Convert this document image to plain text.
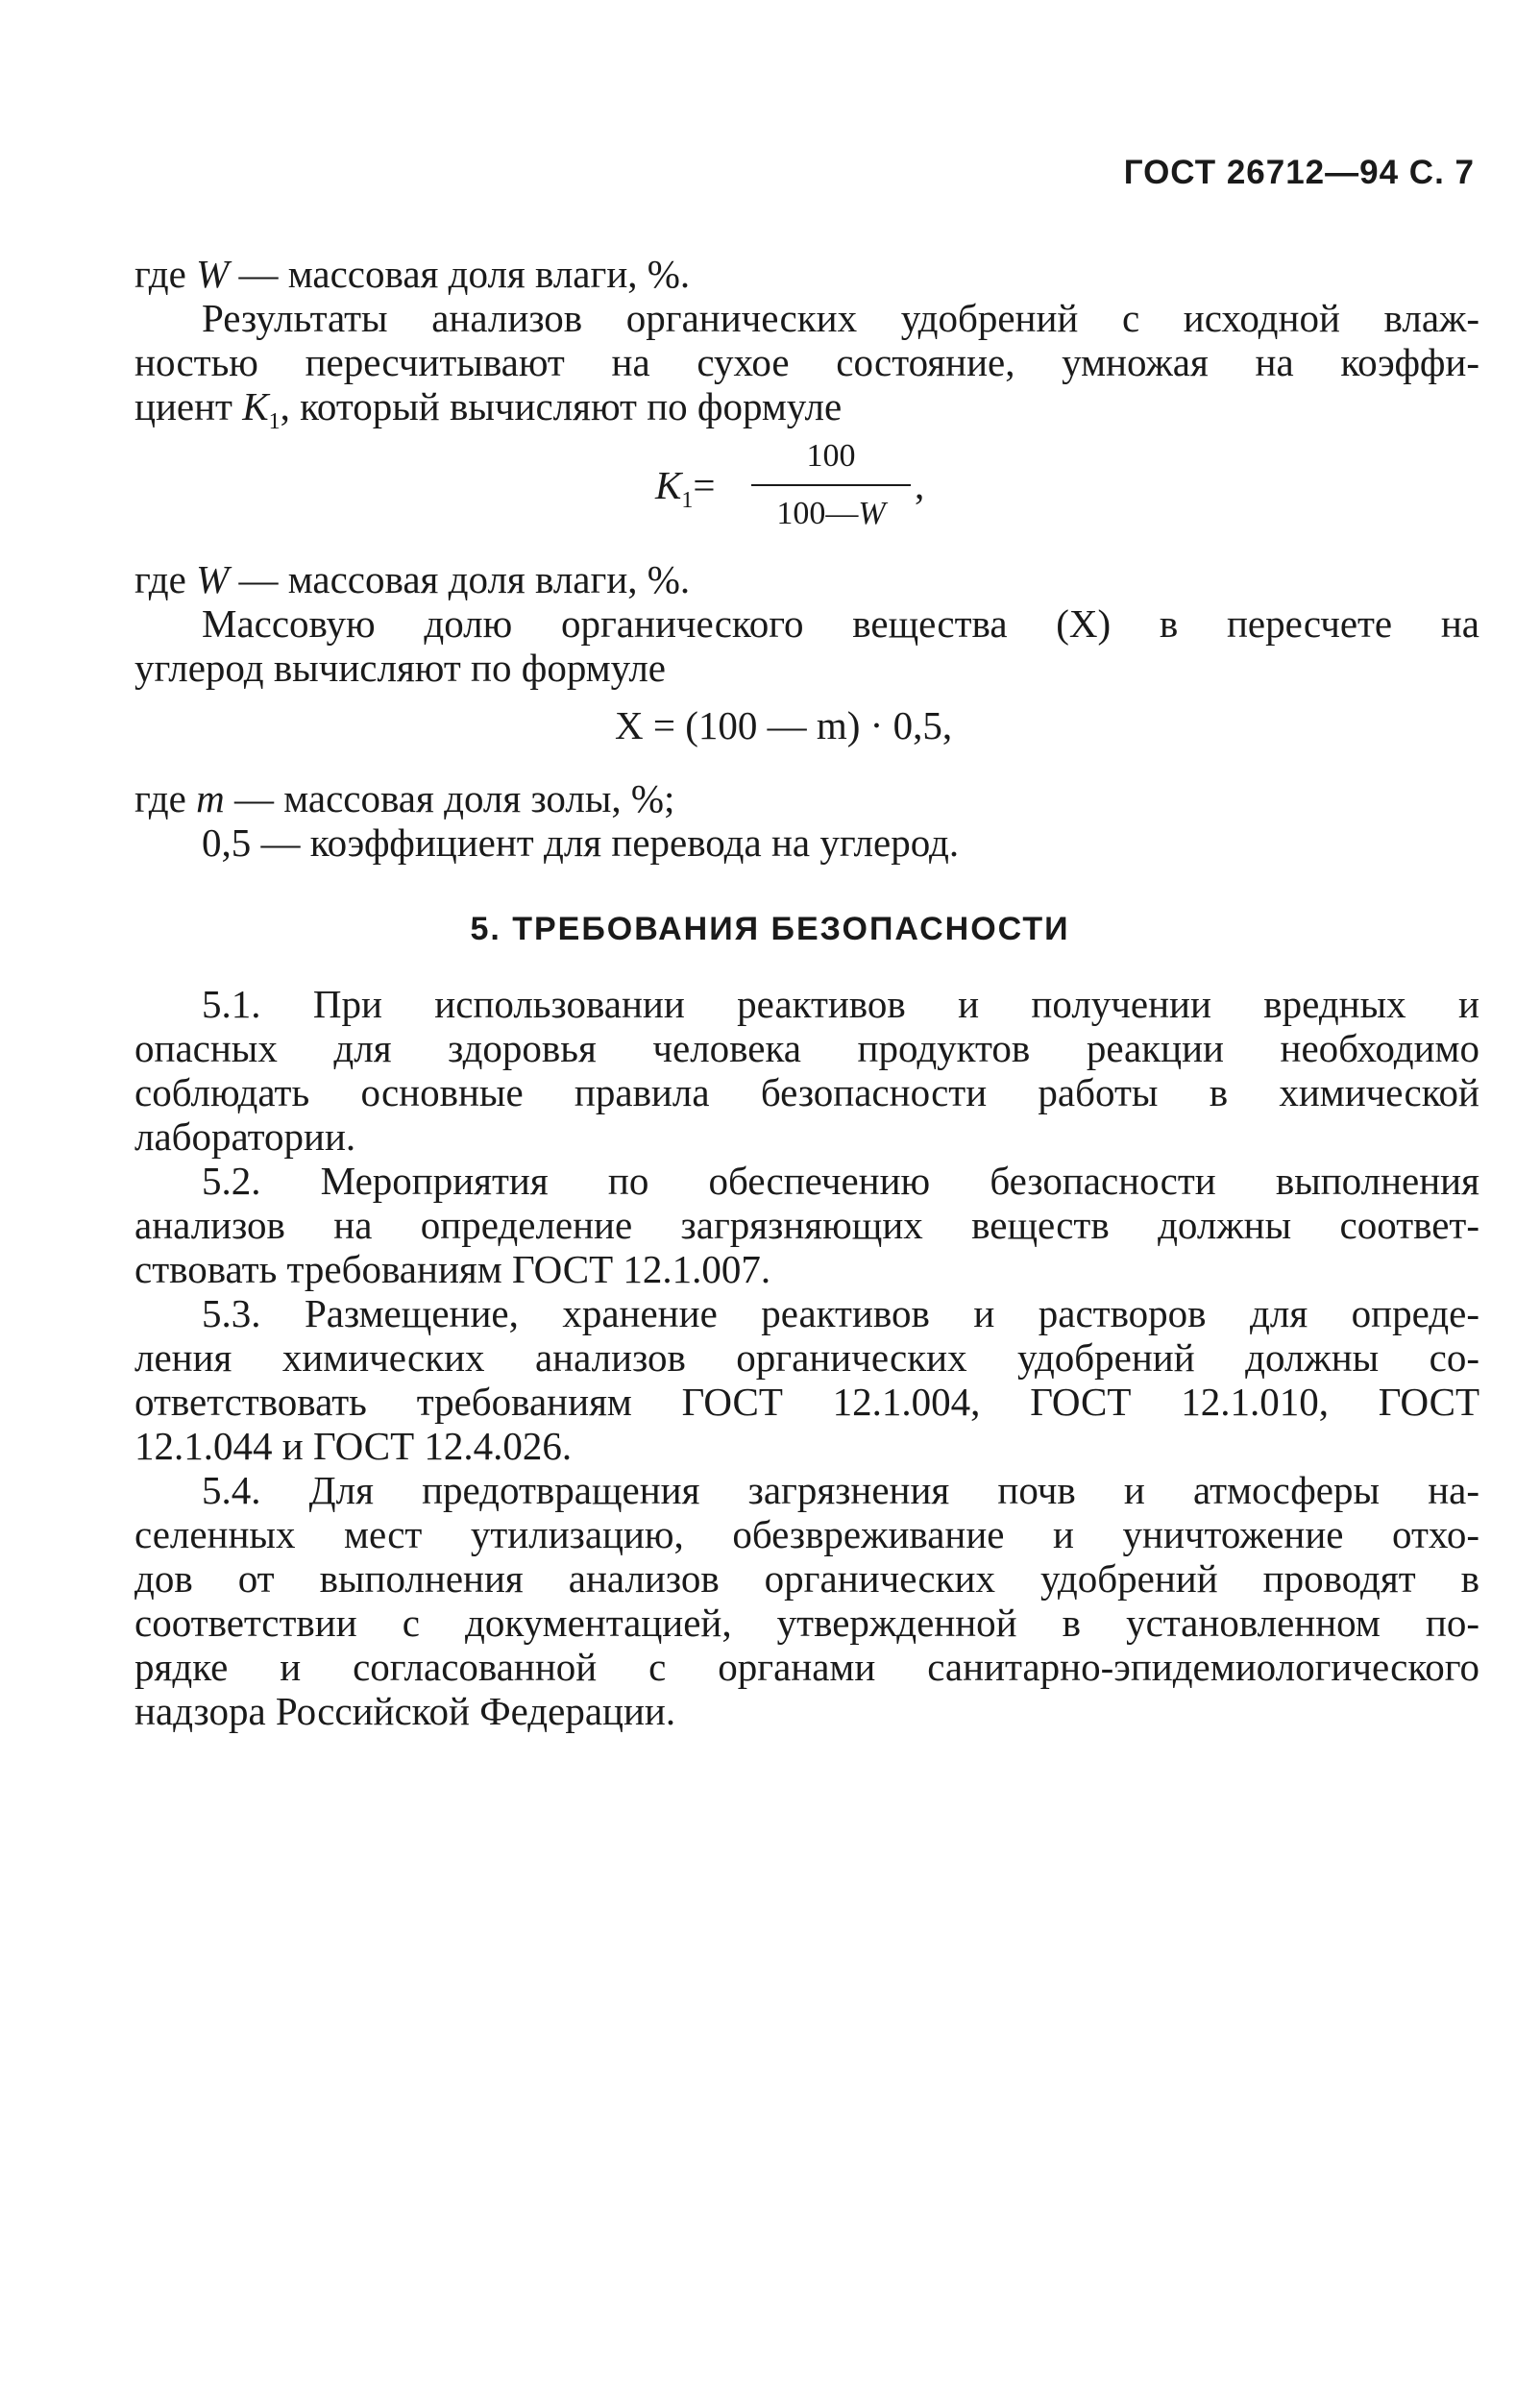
ГОСТ 26712—94 С. 7
где W — массовая доля влаги, %.
Результаты анализов органических удобрений с исходной влаж-
ностью пересчитывают на сухое состояние, умножая на коэффи-
циент $K_1$, который вычисляют по формуле
$K_1=$
100
100—W
,
где W — массовая доля влаги, %.
Массовую долю органического вещества (X) в пересчете на
углерод вычисляют по формуле
X = (100 — m) · 0,5,
где m — массовая доля золы, %;
0,5 — коэффициент для перевода на углерод.
5. ТРЕБОВАНИЯ БЕЗОПАСНОСТИ
5.1. При использовании реактивов и получении вредных и
опасных для здоровья человека продуктов реакции необходимо
соблюдать основные правила безопасности работы в химической
лаборатории.
5.2. Мероприятия по обеспечению безопасности выполнения
анализов на определение загрязняющих веществ должны соответ-
ствовать требованиям ГОСТ 12.1.007.
5.3. Размещение, хранение реактивов и растворов для опреде-
ления химических анализов органических удобрений должны со-
ответствовать требованиям ГОСТ 12.1.004, ГОСТ 12.1.010, ГОСТ
12.1.044 и ГОСТ 12.4.026.
5.4. Для предотвращения загрязнения почв и атмосферы на-
селенных мест утилизацию, обезвреживание и уничтожение отхо-
дов от выполнения анализов органических удобрений проводят в
соответствии с документацией, утвержденной в установленном по-
рядке и согласованной с органами санитарно-эпидемиологического
надзора Российской Федерации.
